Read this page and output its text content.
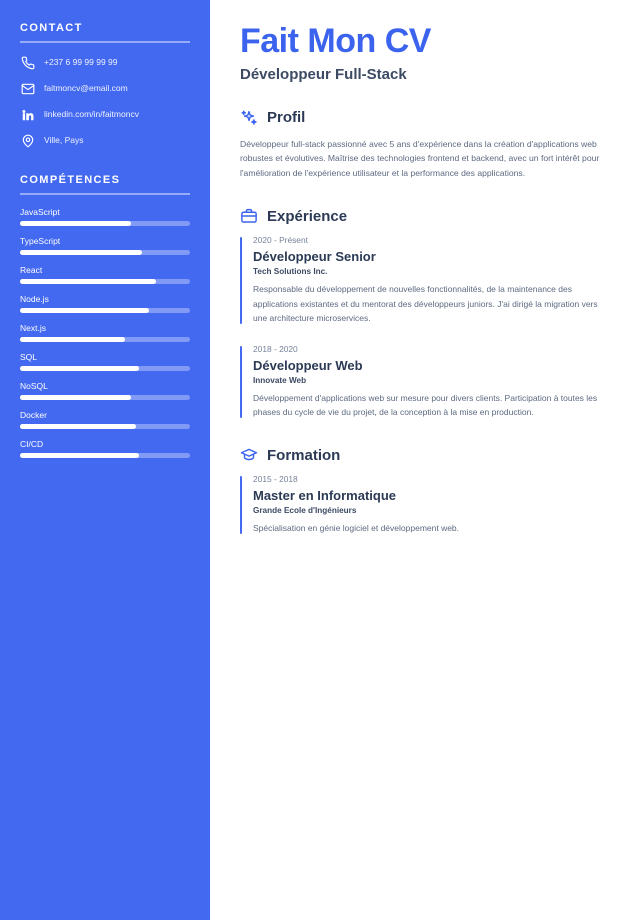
CONTACT
+237 6 99 99 99 99
faitmoncv@email.com
linkedin.com/in/faitmoncv
Ville, Pays
COMPÉTENCES
JavaScript
TypeScript
React
Node.js
Next.js
SQL
NoSQL
Docker
CI/CD
Fait Mon CV
Développeur Full-Stack
Profil

Développeur full-stack passionné avec 5 ans d'expérience dans la création d'applications web robustes et évolutives. Maîtrise des technologies frontend et backend, avec un fort intérêt pour l'amélioration de l'expérience utilisateur et la performance des applications.

Expérience
2020 - Présent
Développeur Senior
Tech Solutions Inc.
Responsable du développement de nouvelles fonctionnalités, de la maintenance des applications existantes et du mentorat des développeurs juniors. J'ai dirigé la migration vers une architecture microservices.
2018 - 2020
Développeur Web
Innovate Web
Développement d'applications web sur mesure pour divers clients. Participation à toutes les phases du cycle de vie du projet, de la conception à la mise en production.
Formation
2015 - 2018
Master en Informatique
Grande Ecole d'Ingénieurs
Spécialisation en génie logiciel et développement web.
